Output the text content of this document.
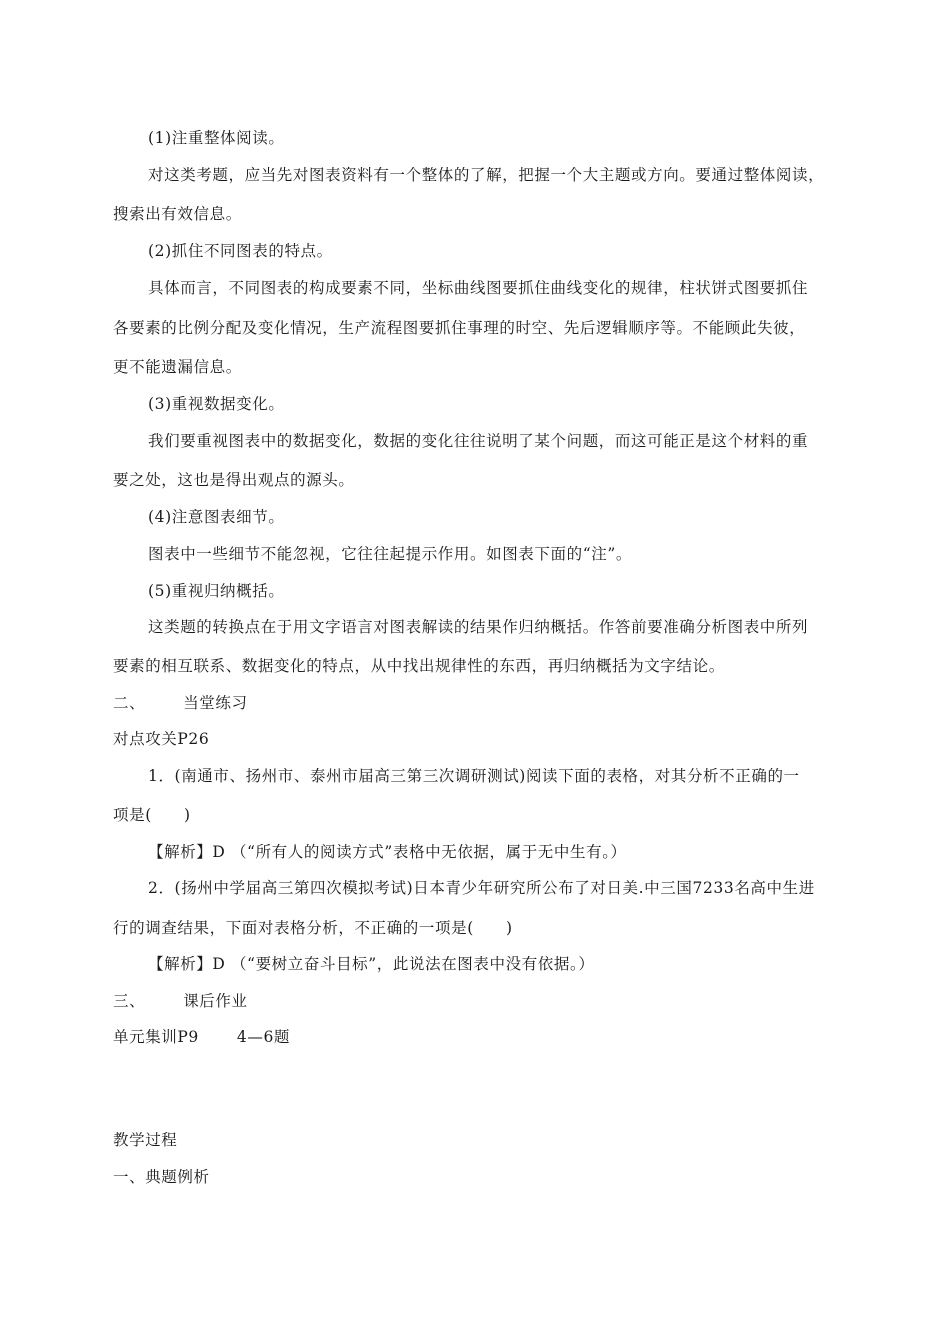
(1)注重整体阅读。
对这类考题，应当先对图表资料有一个整体的了解，把握一个大主题或方向。要通过整体阅读，
搜索出有效信息。
(2)抓住不同图表的特点。
具体而言，不同图表的构成要素不同，坐标曲线图要抓住曲线变化的规律，柱状饼式图要抓住
各要素的比例分配及变化情况，生产流程图要抓住事理的时空、先后逻辑顺序等。不能顾此失彼，
更不能遗漏信息。
(3)重视数据变化。
我们要重视图表中的数据变化，数据的变化往往说明了某个问题，而这可能正是这个材料的重
要之处，这也是得出观点的源头。
(4)注意图表细节。
图表中一些细节不能忽视，它往往起提示作用。如图表下面的“注”。
(5)重视归纳概括。
这类题的转换点在于用文字语言对图表解读的结果作归纳概括。作答前要准确分析图表中所列
要素的相互联系、数据变化的特点，从中找出规律性的东西，再归纳概括为文字结论。
二、 当堂练习
对点攻关P26
1．(南通市、扬州市、泰州市届高三第三次调研测试)阅读下面的表格，对其分析不正确的一
项是(　　)
【解析】D （“所有人的阅读方式”表格中无依据，属于无中生有。）
2．(扬州中学届高三第四次模拟考试)日本青少年研究所公布了对日美.中三国7233名高中生进
行的调查结果，下面对表格分析，不正确的一项是(　　)
【解析】D （“要树立奋斗目标”，此说法在图表中没有依据。）
三、 课后作业
单元集训P9 4—6题
教学过程
一、典题例析
